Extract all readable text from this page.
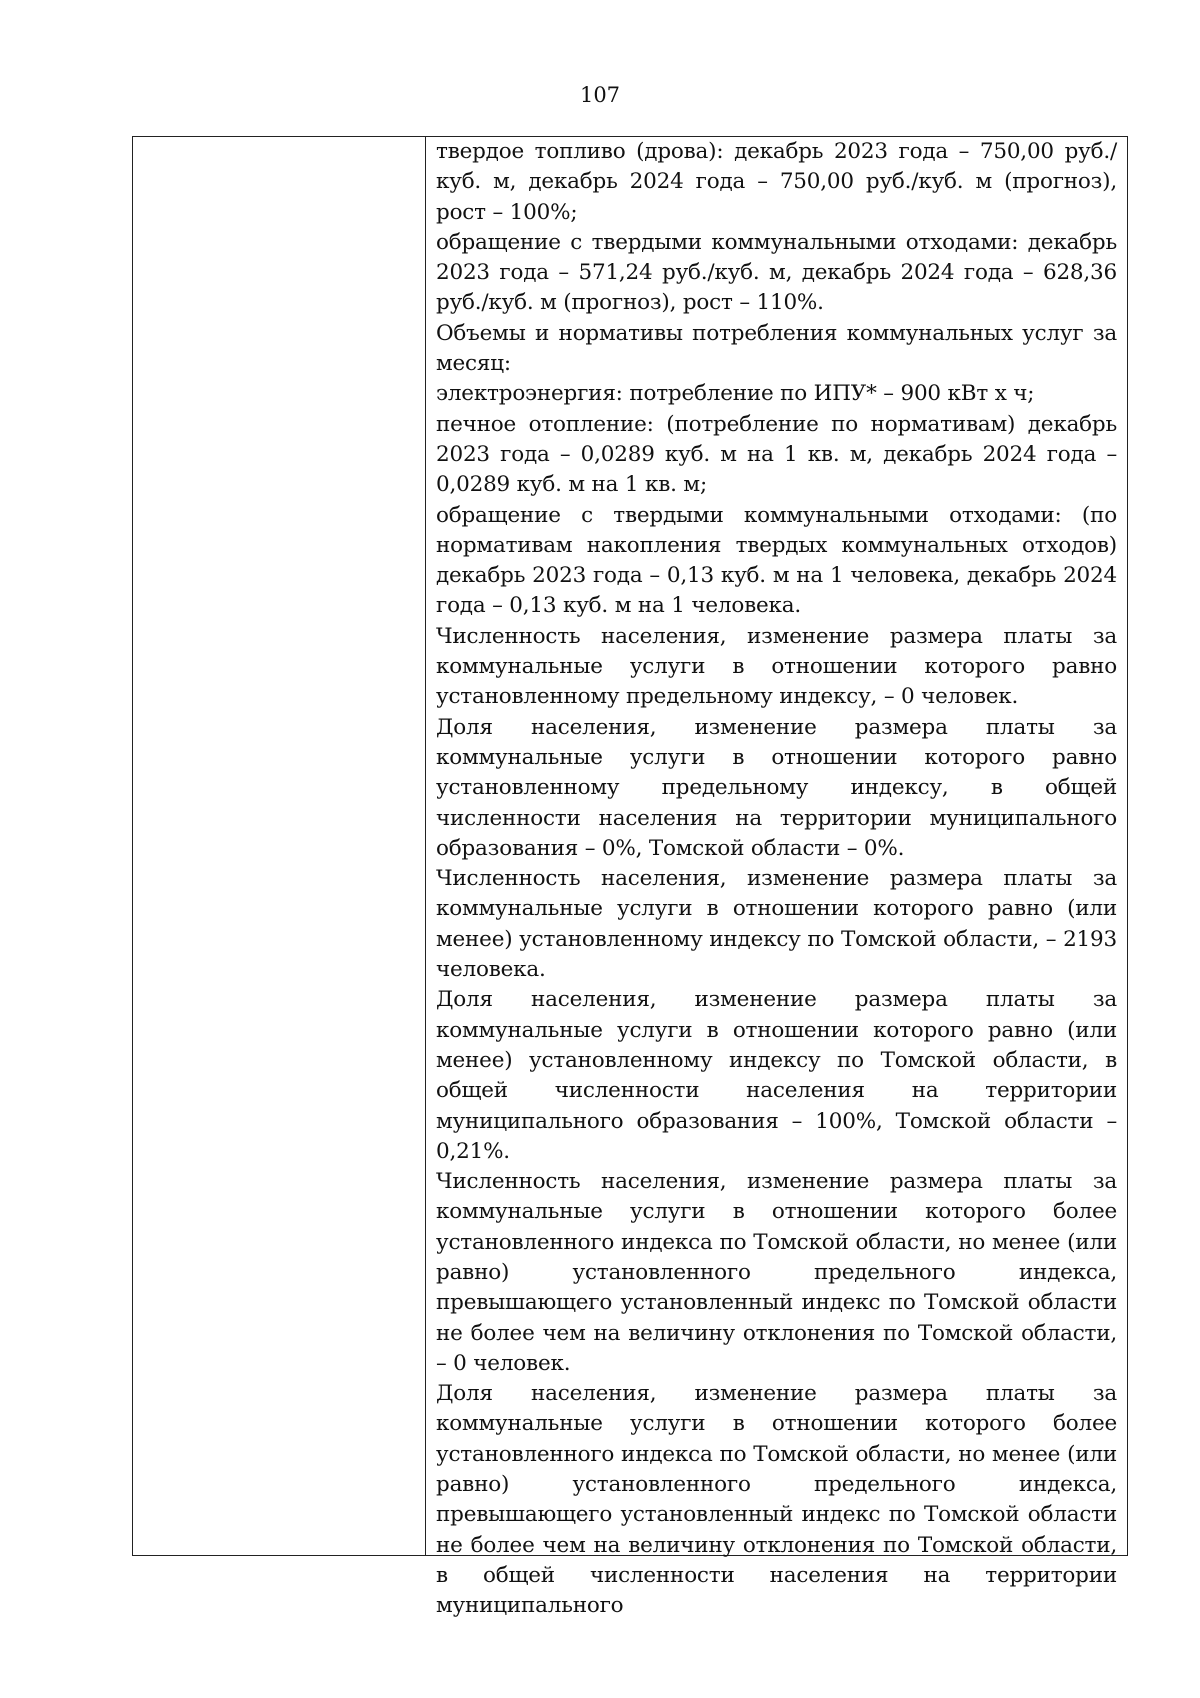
107

твердое топливо (дрова): декабрь 2023 года – 750,00 руб./куб. м, декабрь 2024 года – 750,00 руб./куб. м (прогноз), рост – 100%;

обращение с твердыми коммунальными отходами: декабрь 2023 года – 571,24 руб./куб. м, декабрь 2024 года – 628,36 руб./куб. м (прогноз), рост – 110%.

Объемы и нормативы потребления коммунальных услуг за месяц:

электроэнергия: потребление по ИПУ* – 900 кВт х ч;

печное отопление: (потребление по нормативам) декабрь 2023 года – 0,0289 куб. м на 1 кв. м, декабрь 2024 года – 0,0289 куб. м на 1 кв. м;

обращение с твердыми коммунальными отходами: (по нормативам накопления твердых коммунальных отходов) декабрь 2023 года – 0,13 куб. м на 1 человека, декабрь 2024 года – 0,13 куб. м на 1 человека.

Численность населения, изменение размера платы за коммунальные услуги в отношении которого равно установленному предельному индексу, – 0 человек.

Доля населения, изменение размера платы за коммунальные услуги в отношении которого равно установленному предельному индексу, в общей численности населения на территории муниципального образования – 0%, Томской области – 0%.

Численность населения, изменение размера платы за коммунальные услуги в отношении которого равно (или менее) установленному индексу по Томской области, – 2193 человека.

Доля населения, изменение размера платы за коммунальные услуги в отношении которого равно (или менее) установленному индексу по Томской области, в общей численности населения на территории муниципального образования – 100%, Томской области – 0,21%.

Численность населения, изменение размера платы за коммунальные услуги в отношении которого более установленного индекса по Томской области, но менее (или равно) установленного предельного индекса, превышающего установленный индекс по Томской области не более чем на величину отклонения по Томской области, – 0 человек.

Доля населения, изменение размера платы за коммунальные услуги в отношении которого более установленного индекса по Томской области, но менее (или равно) установленного предельного индекса, превышающего установленный индекс по Томской области не более чем на величину отклонения по Томской области, в общей численности населения на территории муниципального
